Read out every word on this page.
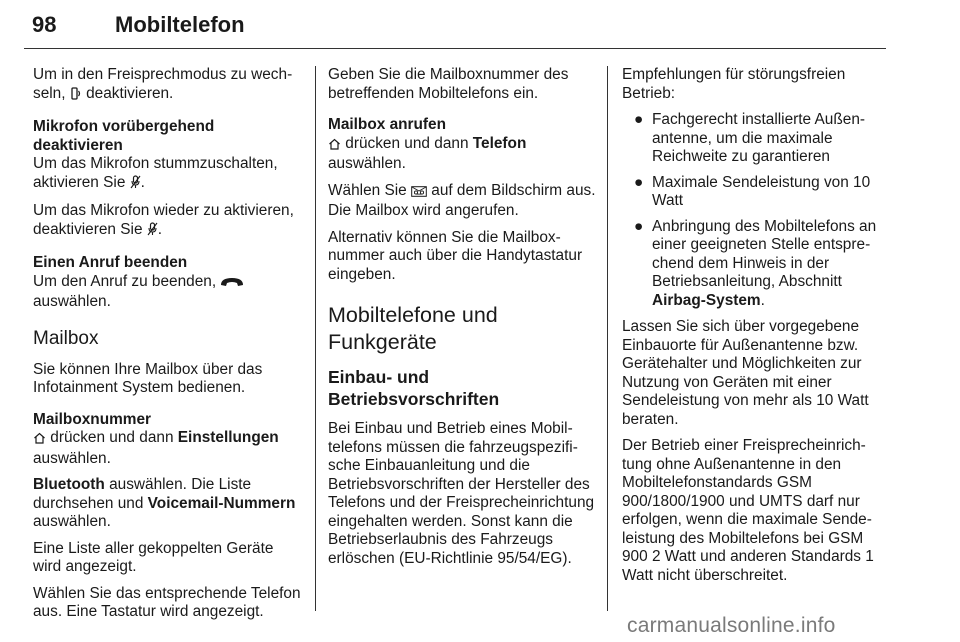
98	Mobiltelefon

Um in den Freisprechmodus zu wechseln,  deaktivieren.

Mikrofon vorübergehend deaktivieren

Um das Mikrofon stummzuschalten, aktivieren Sie .

Um das Mikrofon wieder zu aktivieren, deaktivieren Sie .

Einen Anruf beenden

Um den Anruf zu beenden,
auswählen.

Mailbox

Sie können Ihre Mailbox über das Infotainment System bedienen.

Mailboxnummer

drücken und dann Einstellungen auswählen.

Bluetooth auswählen. Die Liste durchsehen und Voicemail-Nummern auswählen.

Eine Liste aller gekoppelten Geräte wird angezeigt.

Wählen Sie das entsprechende Telefon aus. Eine Tastatur wird angezeigt.

Geben Sie die Mailboxnummer des betreffenden Mobiltelefons ein.

Mailbox anrufen

drücken und dann Telefon auswählen.

Wählen Sie  auf dem Bildschirm aus. Die Mailbox wird angerufen.

Alternativ können Sie die Mailboxnummer auch über die Handytastatur eingeben.

Mobiltelefone und Funkgeräte
Einbau- und Betriebsvorschriften

Bei Einbau und Betrieb eines Mobiltelefons müssen die fahrzeugspezifische Einbauanleitung und die Betriebsvorschriften der Hersteller des Telefons und der Freisprecheinrichtung eingehalten werden. Sonst kann die Betriebserlaubnis des Fahrzeugs erlöschen (EU-Richtlinie 95/54/EG).

Empfehlungen für störungsfreien Betrieb:

● Fachgerecht installierte Außenantenne, um die maximale Reichweite zu garantieren
● Maximale Sendeleistung von 10 Watt
● Anbringung des Mobiltelefons an einer geeigneten Stelle entsprechend dem Hinweis in der Betriebsanleitung, Abschnitt Airbag-System.

Lassen Sie sich über vorgegebene Einbauorte für Außenantenne bzw. Gerätehalter und Möglichkeiten zur Nutzung von Geräten mit einer Sendeleistung von mehr als 10 Watt beraten.

Der Betrieb einer Freisprecheinrichtung ohne Außenantenne in den Mobiltelefonstandards GSM 900/1800/1900 und UMTS darf nur erfolgen, wenn die maximale Sendeleistung des Mobiltelefons bei GSM 900 2 Watt und anderen Standards 1 Watt nicht überschreitet.

carmanualsonline.info
